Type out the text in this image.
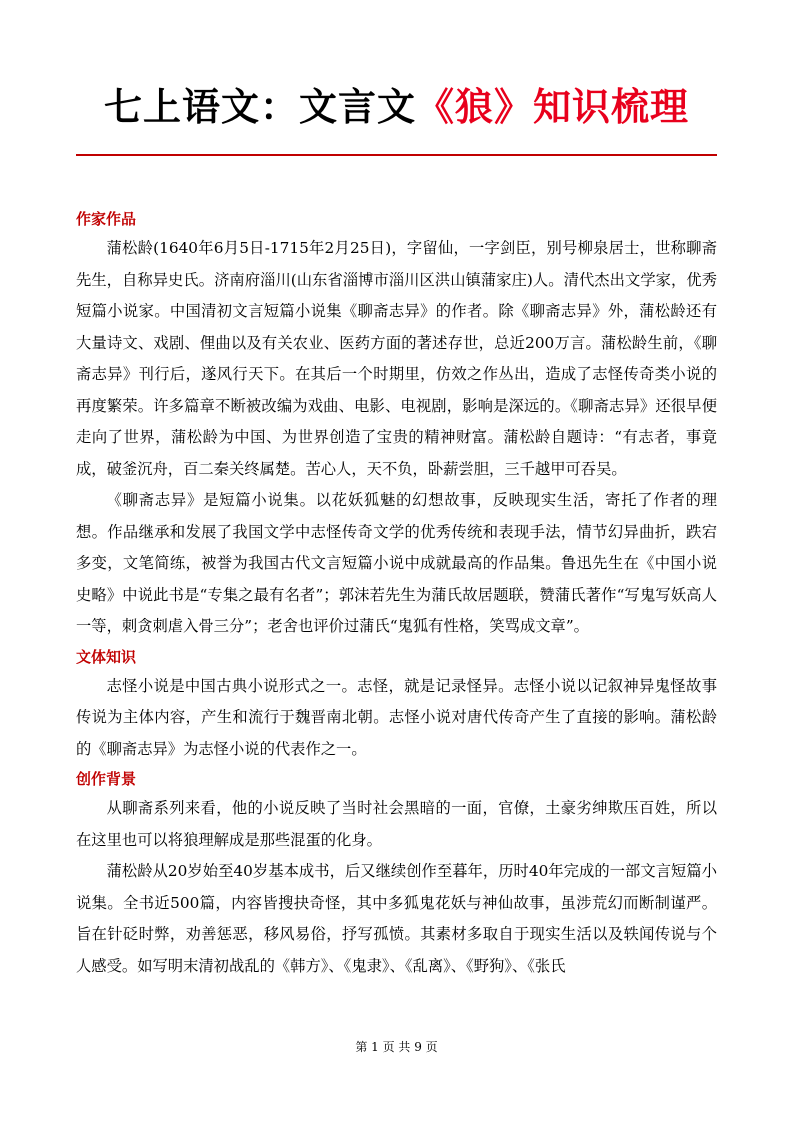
七上语文：文言文《狼》知识梳理
作家作品

蒲松龄(1640年6月5日-1715年2月25日)，字留仙，一字剑臣，别号柳泉居士，世称聊斋先生，自称异史氏。济南府淄川(山东省淄博市淄川区洪山镇蒲家庄)人。清代杰出文学家，优秀短篇小说家。中国清初文言短篇小说集《聊斋志异》的作者。除《聊斋志异》外，蒲松龄还有大量诗文、戏剧、俚曲以及有关农业、医药方面的著述存世，总近200万言。蒲松龄生前，《聊斋志异》刊行后，遂风行天下。在其后一个时期里，仿效之作丛出，造成了志怪传奇类小说的再度繁荣。许多篇章不断被改编为戏曲、电影、电视剧，影响是深远的。《聊斋志异》还很早便走向了世界，蒲松龄为中国、为世界创造了宝贵的精神财富。蒲松龄自题诗：“有志者，事竟成，破釜沉舟，百二秦关终属楚。苦心人，天不负，卧薪尝胆，三千越甲可吞吴。

《聊斋志异》是短篇小说集。以花妖狐魅的幻想故事，反映现实生活，寄托了作者的理想。作品继承和发展了我国文学中志怪传奇文学的优秀传统和表现手法，情节幻异曲折，跌宕多变，文笔简练，被誉为我国古代文言短篇小说中成就最高的作品集。鲁迅先生在《中国小说史略》中说此书是“专集之最有名者”；郭沫若先生为蒲氏故居题联，赞蒲氏著作“写鬼写妖高人一等，刺贪刺虐入骨三分”；老舍也评价过蒲氏“鬼狐有性格，笑骂成文章”。

文体知识

志怪小说是中国古典小说形式之一。志怪，就是记录怪异。志怪小说以记叙神异鬼怪故事传说为主体内容，产生和流行于魏晋南北朝。志怪小说对唐代传奇产生了直接的影响。蒲松龄的《聊斋志异》为志怪小说的代表作之一。

创作背景

从聊斋系列来看，他的小说反映了当时社会黑暗的一面，官僚，土豪劣绅欺压百姓，所以在这里也可以将狼理解成是那些混蛋的化身。

蒲松龄从20岁始至40岁基本成书，后又继续创作至暮年，历时40年完成的一部文言短篇小说集。全书近500篇，内容皆搜抉奇怪，其中多狐鬼花妖与神仙故事，虽涉荒幻而断制谨严。旨在针砭时弊，劝善惩恶，移风易俗，抒写孤愤。其素材多取自于现实生活以及轶闻传说与个人感受。如写明末清初战乱的《韩方》、《鬼隶》、《乱离》、《野狗》、《张氏

第 1 页 共 9 页
